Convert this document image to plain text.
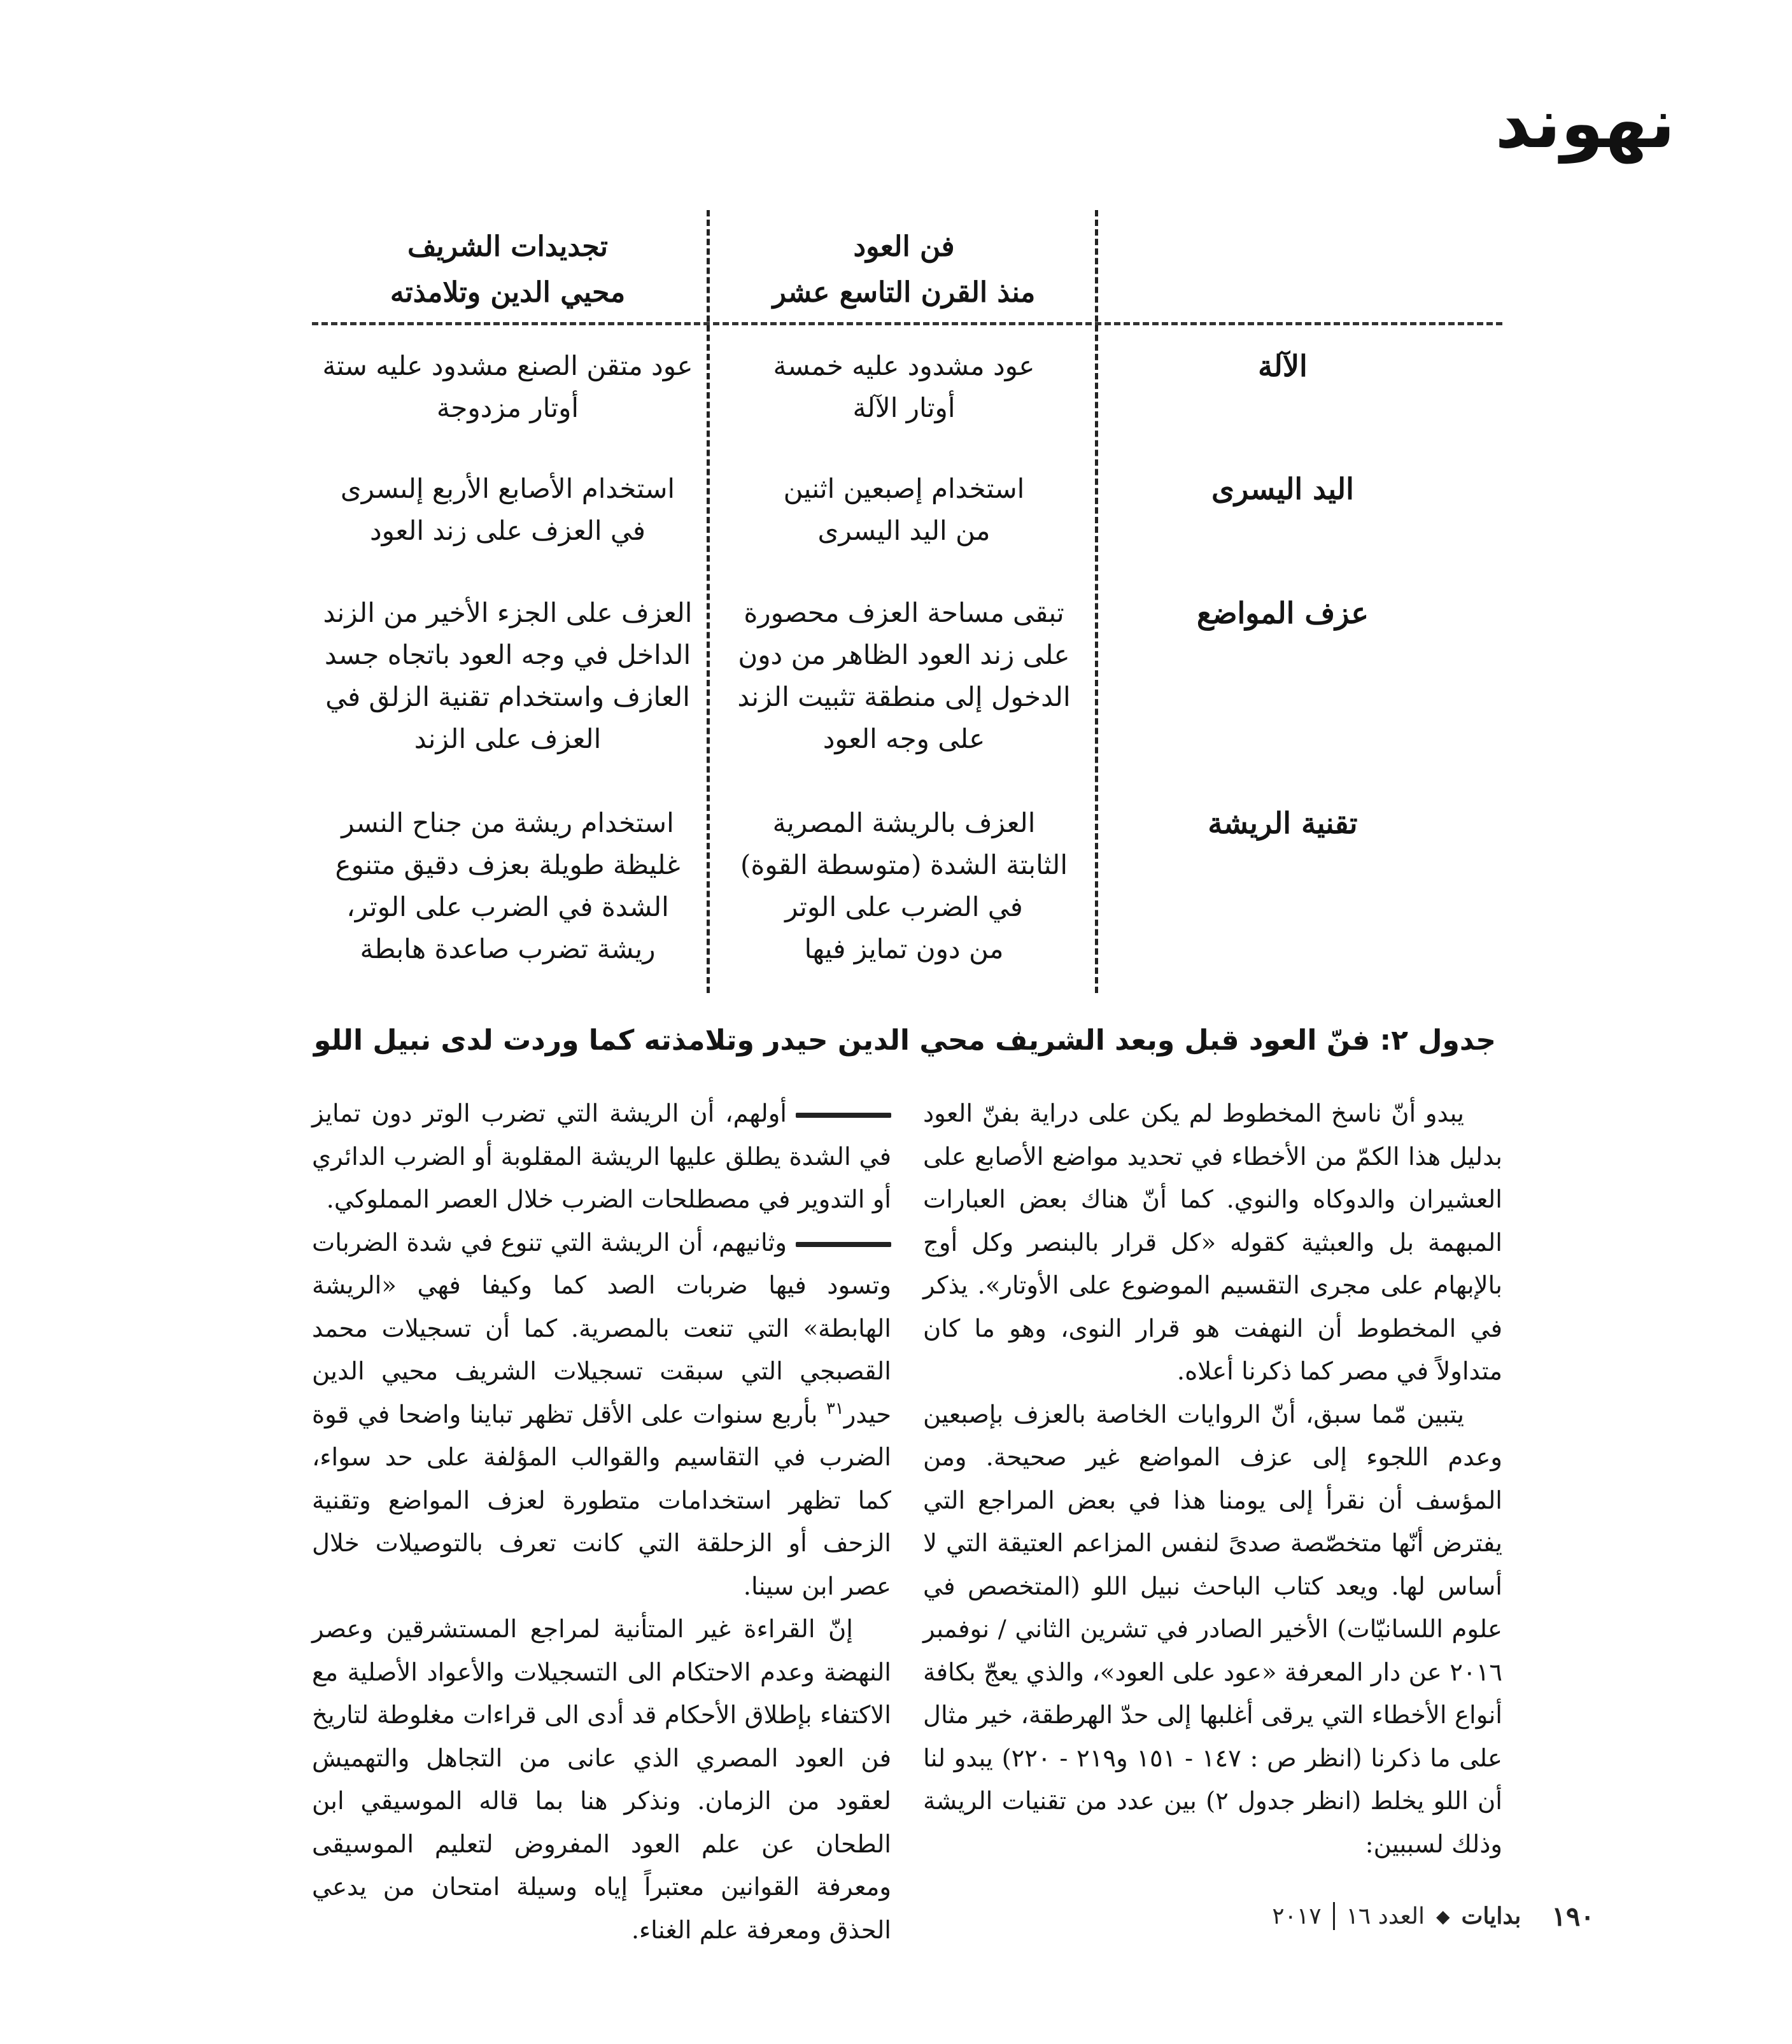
نهوند
فن العود
منذ القرن التاسع عشر
تجديدات الشريف
محيي الدين وتلامذته
الآلة
عود مشدود عليه خمسة
أوتار الآلة
عود متقن الصنع مشدود عليه ستة
أوتار مزدوجة
اليد اليسرى
استخدام إصبعين اثنين
من اليد اليسرى
استخدام الأصابع الأربع إلىسرى
في العزف على زند العود
عزف المواضع
تبقى مساحة العزف محصورة
على زند العود الظاهر من دون
الدخول إلى منطقة تثبيت الزند
على وجه العود
العزف على الجزء الأخير من الزند
الداخل في وجه العود باتجاه جسد
العازف واستخدام تقنية الزلق في
العزف على الزند
تقنية الريشة
العزف بالريشة المصرية
الثابتة الشدة (متوسطة القوة)
في الضرب على الوتر
من دون تمايز فيها
استخدام ريشة من جناح النسر
غليظة طويلة بعزف دقيق متنوع
الشدة في الضرب على الوتر،
ريشة تضرب صاعدة هابطة
جدول ٢: فنّ العود قبل وبعد الشريف محي الدين حيدر وتلامذته كما وردت لدى نبيل اللو

يبدو أنّ ناسخ المخطوط لم يكن على دراية بفنّ العود بدليل هذا الكمّ من الأخطاء في تحديد مواضع الأصابع على العشيران والدوكاه والنوي. كما أنّ هناك بعض العبارات المبهمة بل والعبثية كقوله «كل قرار بالبنصر وكل أوج بالإبهام على مجرى التقسيم الموضوع على الأوتار». يذكر في المخطوط أن النهفت هو قرار النوى، وهو ما كان متداولاً في مصر كما ذكرنا أعلاه.

يتبين مّما سبق، أنّ الروايات الخاصة بالعزف بإصبعين وعدم اللجوء إلى عزف المواضع غير صحيحة. ومن المؤسف أن نقرأ إلى يومنا هذا في بعض المراجع التي يفترض أنّها متخصّصة صدىً لنفس المزاعم العتيقة التي لا أساس لها. ويعد كتاب الباحث نبيل اللو (المتخصص في علوم اللسانيّات) الأخير الصادر في تشرين الثاني / نوفمبر ٢٠١٦ عن دار المعرفة «عود على العود»، والذي يعجّ بكافة أنواع الأخطاء التي يرقى أغلبها إلى حدّ الهرطقة، خير مثال على ما ذكرنا (انظر ص : ١٤٧ - ١٥١ و٢١٩ - ٢٢٠) يبدو لنا أن اللو يخلط (انظر جدول ٢) بين عدد من تقنيات الريشة وذلك لسببين:

أولهم، أن الريشة التي تضرب الوتر دون تمايز في الشدة يطلق عليها الريشة المقلوبة أو الضرب الدائري أو التدوير في مصطلحات الضرب خلال العصر المملوكي.

وثانيهم، أن الريشة التي تنوع في شدة الضربات وتسود فيها ضربات الصد كما وكيفا فهي «الريشة الهابطة» التي تنعت بالمصرية. كما أن تسجيلات محمد القصبجي التي سبقت تسجيلات الشريف محيي الدين حيدر$^{٣١}$ بأربع سنوات على الأقل تظهر تباينا واضحا في قوة الضرب في التقاسيم والقوالب المؤلفة على حد سواء، كما تظهر استخدامات متطورة لعزف المواضع وتقنية الزحف أو الزحلقة التي كانت تعرف بالتوصيلات خلال عصر ابن سينا.

إنّ القراءة غير المتأنية لمراجع المستشرقين وعصر النهضة وعدم الاحتكام الى التسجيلات والأعواد الأصلية مع الاكتفاء بإطلاق الأحكام قد أدى الى قراءات مغلوطة لتاريخ فن العود المصري الذي عانى من التجاهل والتهميش لعقود من الزمان. ونذكر هنا بما قاله الموسيقي ابن الطحان عن علم العود المفروض لتعليم الموسيقى ومعرفة القوانين معتبراً إياه وسيلة امتحان من يدعي الحذق ومعرفة علم الغناء.	١٩٠
بدايات
◆
العدد ١٦
٢٠١٧
